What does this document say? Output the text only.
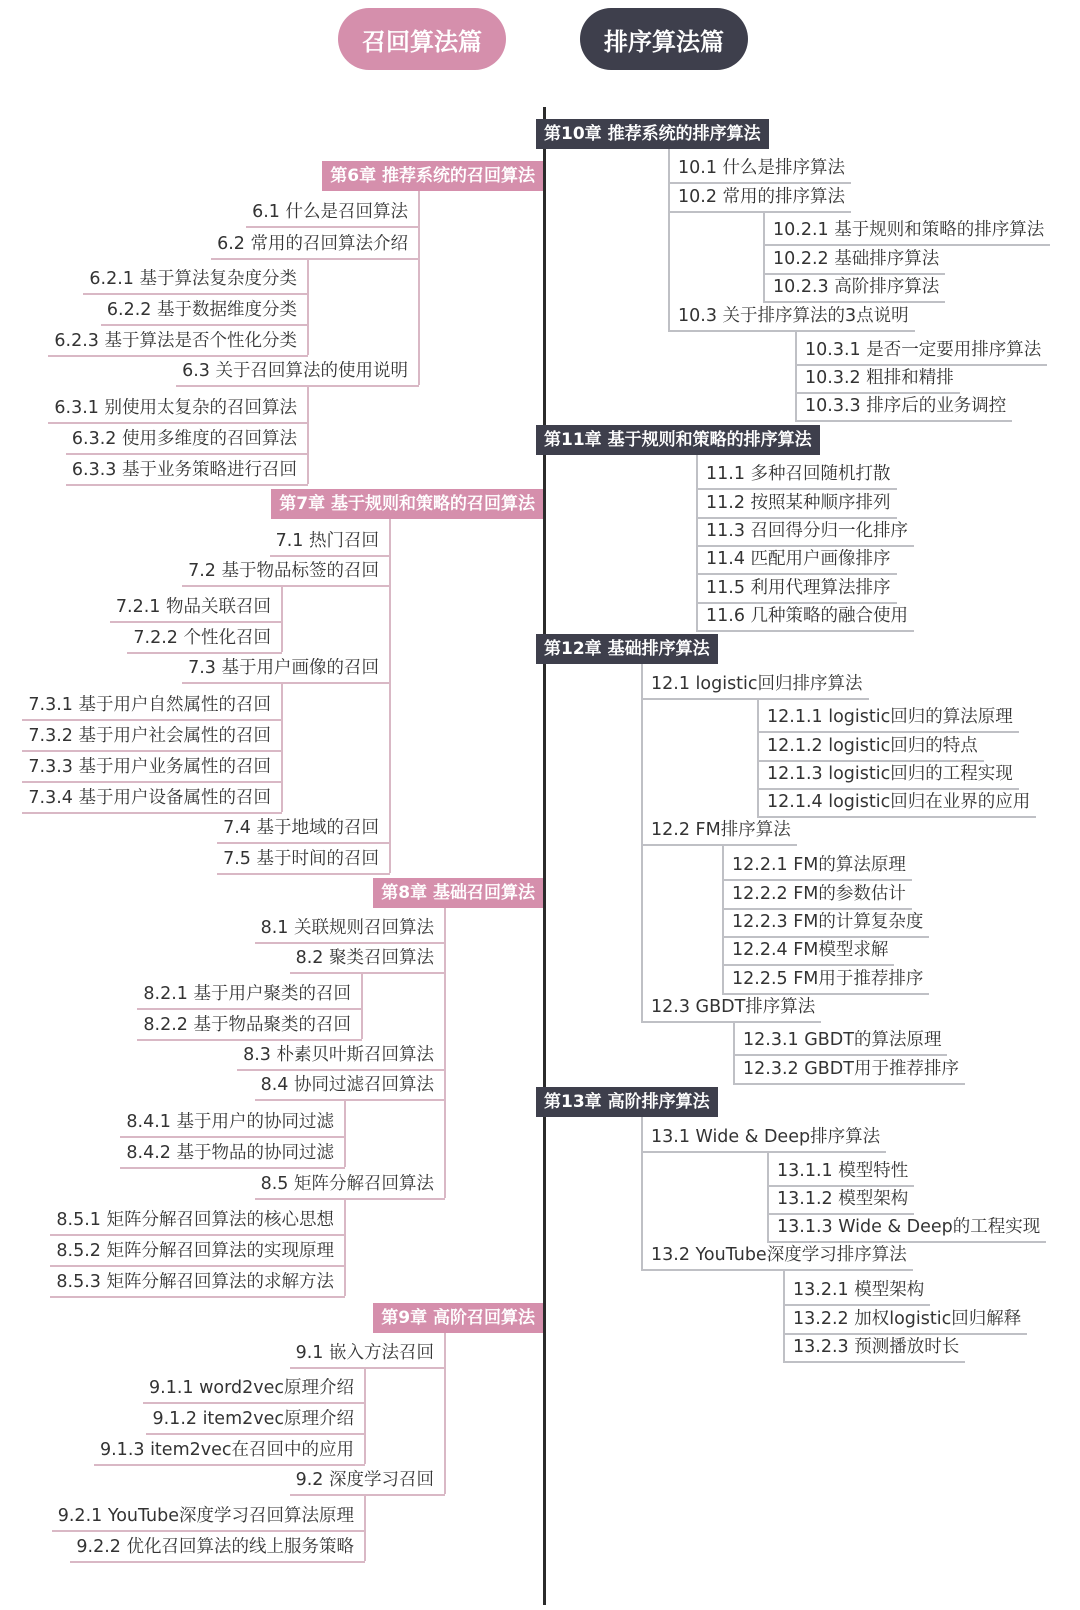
召回算法篇	排序算法篇
第6章 推荐系统的召回算法
6.1 什么是召回算法
6.2 常用的召回算法介绍
6.2.1 基于算法复杂度分类
6.2.2 基于数据维度分类
6.2.3 基于算法是否个性化分类
6.3 关于召回算法的使用说明
6.3.1 别使用太复杂的召回算法
6.3.2 使用多维度的召回算法
6.3.3 基于业务策略进行召回
第7章 基于规则和策略的召回算法
7.1 热门召回
7.2 基于物品标签的召回
7.2.1 物品关联召回
7.2.2 个性化召回
7.3 基于用户画像的召回
7.3.1 基于用户自然属性的召回
7.3.2 基于用户社会属性的召回
7.3.3 基于用户业务属性的召回
7.3.4 基于用户设备属性的召回
7.4 基于地域的召回
7.5 基于时间的召回
第8章 基础召回算法
8.1 关联规则召回算法
8.2 聚类召回算法
8.2.1 基于用户聚类的召回
8.2.2 基于物品聚类的召回
8.3 朴素贝叶斯召回算法
8.4 协同过滤召回算法
8.4.1 基于用户的协同过滤
8.4.2 基于物品的协同过滤
8.5 矩阵分解召回算法
8.5.1 矩阵分解召回算法的核心思想
8.5.2 矩阵分解召回算法的实现原理
8.5.3 矩阵分解召回算法的求解方法
第9章 高阶召回算法
9.1 嵌入方法召回
9.1.1 word2vec原理介绍
9.1.2 item2vec原理介绍
9.1.3 item2vec在召回中的应用
9.2 深度学习召回
9.2.1 YouTube深度学习召回算法原理
9.2.2 优化召回算法的线上服务策略
第10章 推荐系统的排序算法
10.1 什么是排序算法
10.2 常用的排序算法
10.2.1 基于规则和策略的排序算法
10.2.2 基础排序算法
10.2.3 高阶排序算法
10.3 关于排序算法的3点说明
10.3.1 是否一定要用排序算法
10.3.2 粗排和精排
10.3.3 排序后的业务调控
第11章 基于规则和策略的排序算法
11.1 多种召回随机打散
11.2 按照某种顺序排列
11.3 召回得分归一化排序
11.4 匹配用户画像排序
11.5 利用代理算法排序
11.6 几种策略的融合使用
第12章 基础排序算法
12.1 logistic回归排序算法
12.1.1 logistic回归的算法原理
12.1.2 logistic回归的特点
12.1.3 logistic回归的工程实现
12.1.4 logistic回归在业界的应用
12.2 FM排序算法
12.2.1 FM的算法原理
12.2.2 FM的参数估计
12.2.3 FM的计算复杂度
12.2.4 FM模型求解
12.2.5 FM用于推荐排序
12.3 GBDT排序算法
12.3.1 GBDT的算法原理
12.3.2 GBDT用于推荐排序
第13章 高阶排序算法
13.1 Wide & Deep排序算法
13.1.1 模型特性
13.1.2 模型架构
13.1.3 Wide & Deep的工程实现
13.2 YouTube深度学习排序算法
13.2.1 模型架构
13.2.2 加权logistic回归解释
13.2.3 预测播放时长
